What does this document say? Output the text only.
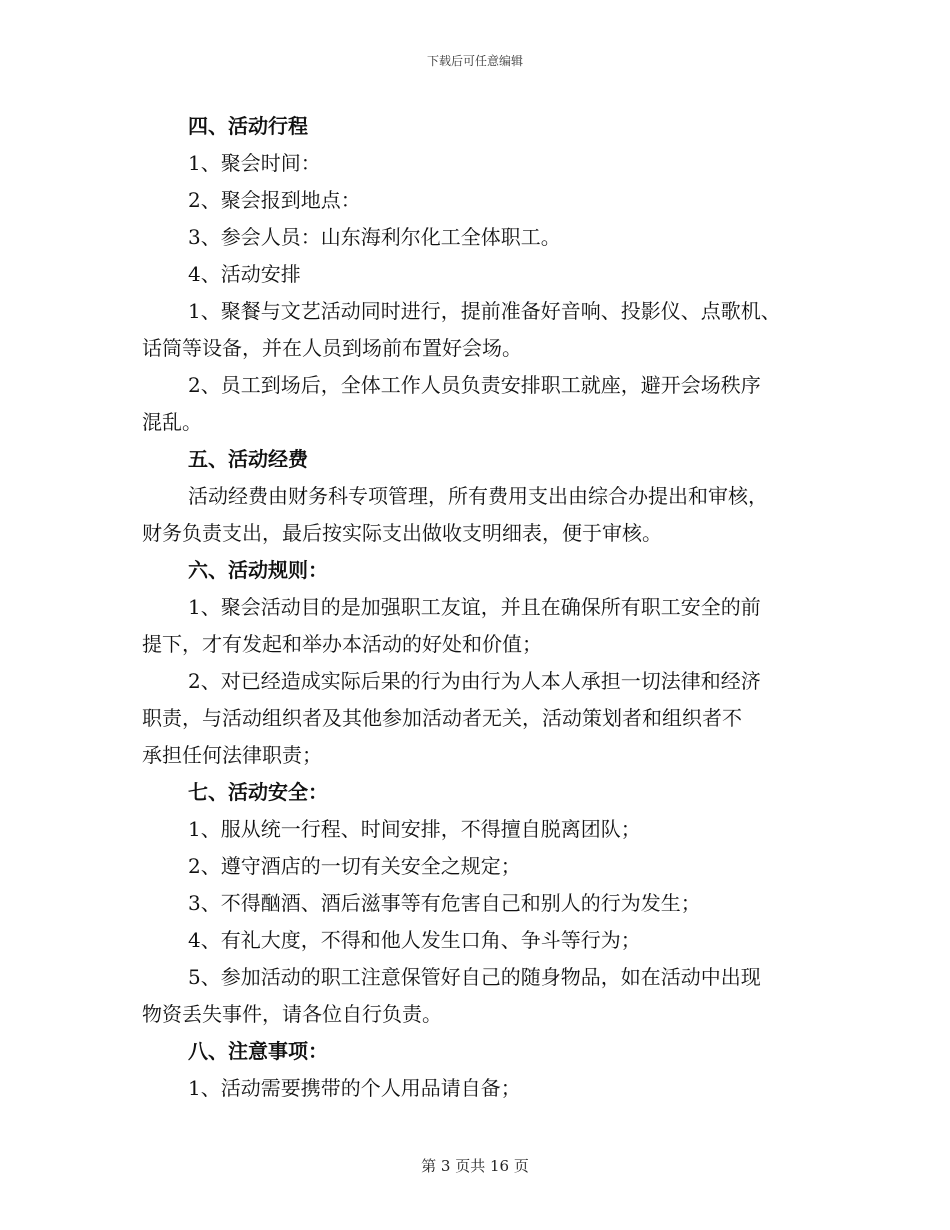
下载后可任意编辑
四、活动行程
1、聚会时间：
2、聚会报到地点：
3、参会人员：山东海利尔化工全体职工。
4、活动安排
1、聚餐与文艺活动同时进行，提前准备好音响、投影仪、点歌机、
话筒等设备，并在人员到场前布置好会场。
2、员工到场后，全体工作人员负责安排职工就座，避开会场秩序
混乱。
五、活动经费
活动经费由财务科专项管理，所有费用支出由综合办提出和审核，
财务负责支出，最后按实际支出做收支明细表，便于审核。
六、活动规则：
1、聚会活动目的是加强职工友谊，并且在确保所有职工安全的前
提下，才有发起和举办本活动的好处和价值；
2、对已经造成实际后果的行为由行为人本人承担一切法律和经济
职责，与活动组织者及其他参加活动者无关，活动策划者和组织者不
承担任何法律职责；
七、活动安全：
1、服从统一行程、时间安排，不得擅自脱离团队；
2、遵守酒店的一切有关安全之规定；
3、不得酗酒、酒后滋事等有危害自己和别人的行为发生；
4、有礼大度，不得和他人发生口角、争斗等行为；
5、参加活动的职工注意保管好自己的随身物品，如在活动中出现
物资丢失事件，请各位自行负责。
八、注意事项：
1、活动需要携带的个人用品请自备；
第 3 页共 16 页
